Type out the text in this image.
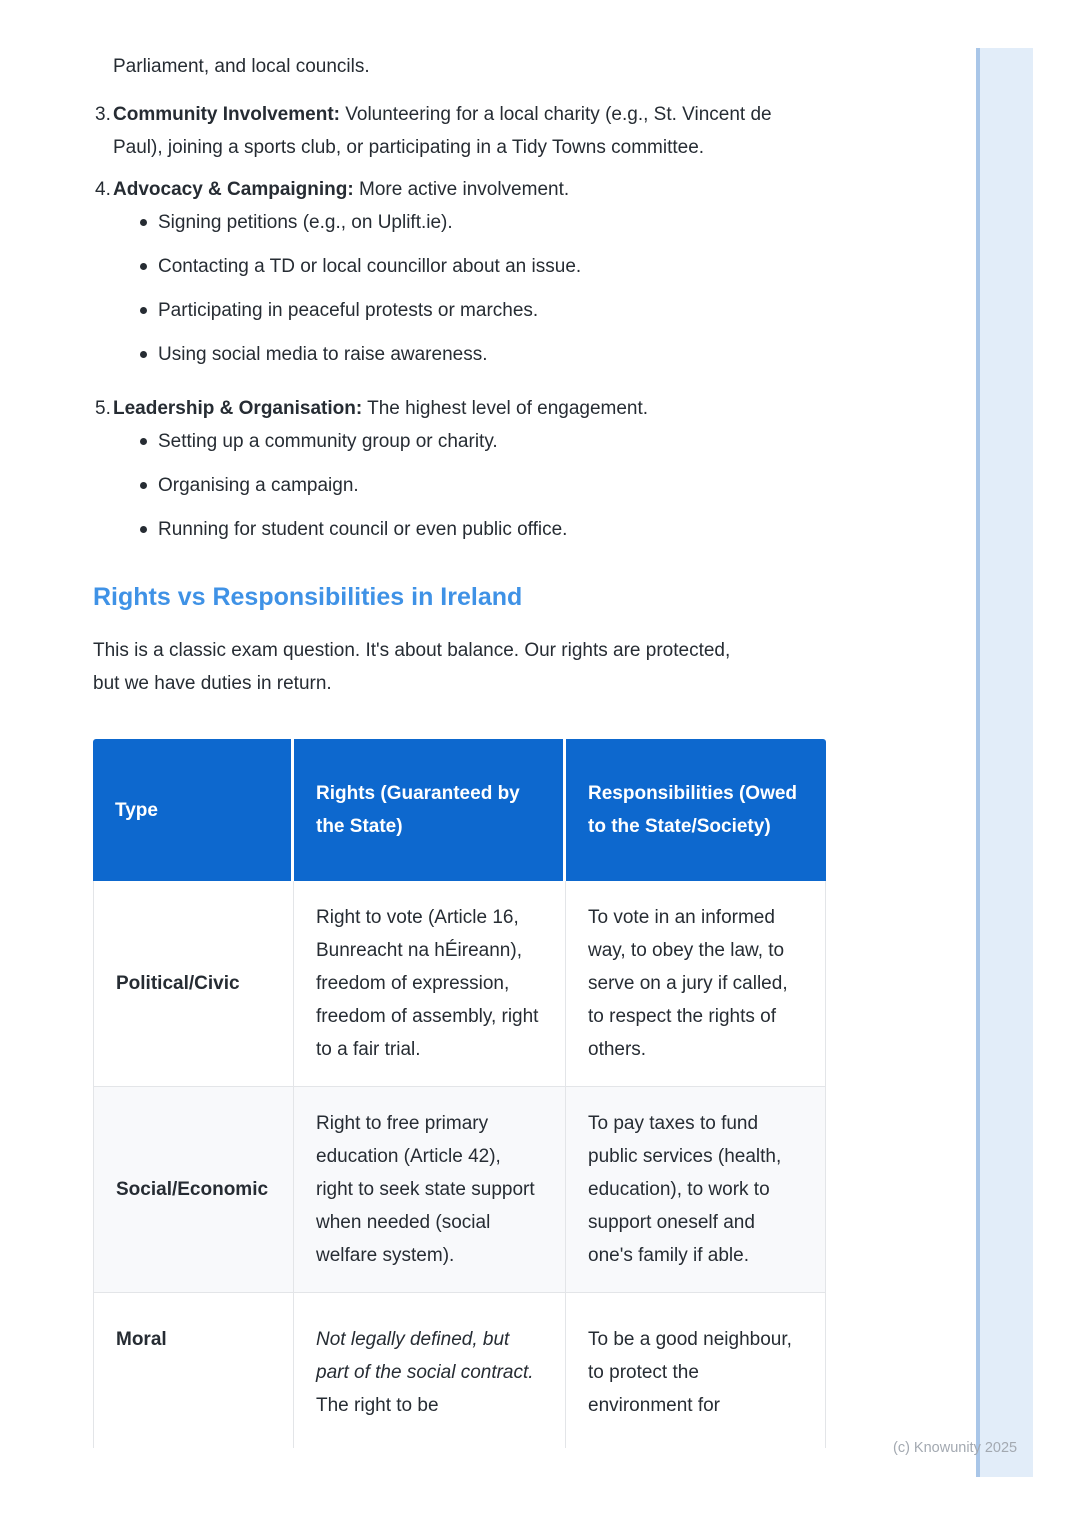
Parliament, and local councils.
3. Community Involvement: Volunteering for a local charity (e.g., St. Vincent de Paul), joining a sports club, or participating in a Tidy Towns committee.
4. Advocacy & Campaigning: More active involvement.
Signing petitions (e.g., on Uplift.ie).
Contacting a TD or local councillor about an issue.
Participating in peaceful protests or marches.
Using social media to raise awareness.
5. Leadership & Organisation: The highest level of engagement.
Setting up a community group or charity.
Organising a campaign.
Running for student council or even public office.
Rights vs Responsibilities in Ireland

This is a classic exam question. It's about balance. Our rights are protected,
but we have duties in return.

Type	Rights (Guaranteed by the State)	Responsibilities (Owed to the State/Society)
Political/Civic	Right to vote (Article 16, Bunreacht na hÉireann), freedom of expression, freedom of assembly, right to a fair trial.	To vote in an informed way, to obey the law, to serve on a jury if called, to respect the rights of others.
Social/Economic	Right to free primary education (Article 42), right to seek state support when needed (social welfare system).	To pay taxes to fund public services (health, education), to work to support oneself and one's family if able.
Moral	Not legally defined, but part of the social contract. The right to be	To be a good neighbour, to protect the environment for
(c) Knowunity 2025
